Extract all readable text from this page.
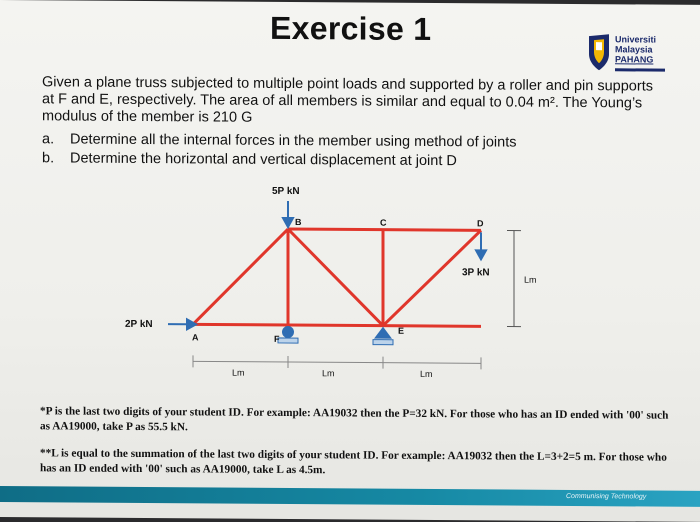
Exercise 1	Universiti
Malaysia
PAHANG

Given a plane truss subjected to multiple point loads and supported by a roller and pin supports at F and E, respectively. The area of all members is similar and equal to 0.04 m². The Young’s modulus of the member is 210 G

a. Determine all the internal forces in the member using method of joints
b. Determine the horizontal and vertical displacement at joint D
5P kN
3P kN
2P kN
B	C	D
A	F
E
Lm	Lm	Lm
Lm

*P is the last two digits of your student ID. For example: AA19032 then the P=32 kN. For those who has an ID ended with '00' such as AA19000, take P as 55.5 kN.

**L is equal to the summation of the last two digits of your student ID. For example: AA19032 then the L=3+2=5 m. For those who has an ID ended with '00' such as AA19000, take L as 4.5m.

Communising Technology
